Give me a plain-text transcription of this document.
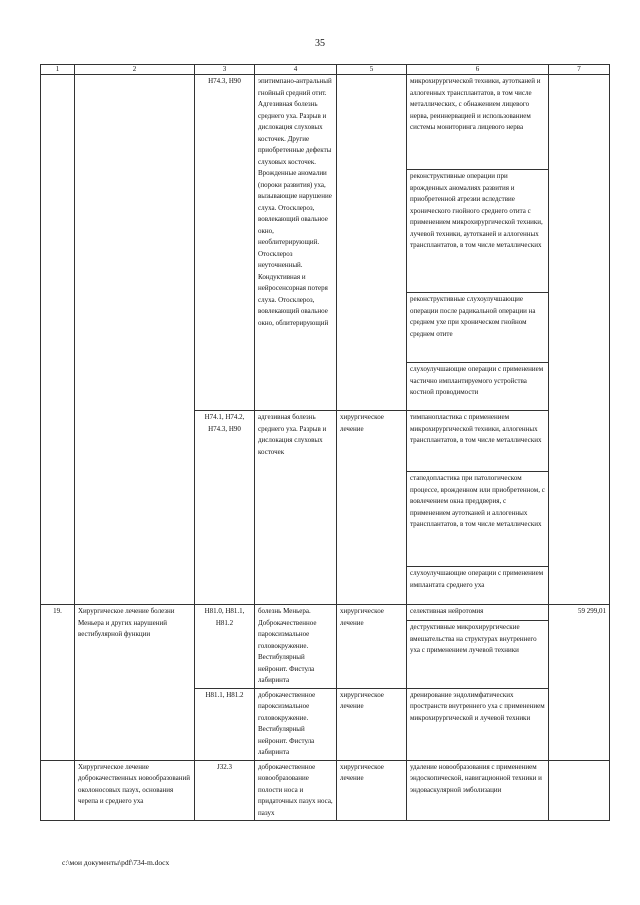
35
1	2	3	4	5	6	7
		H74.3, H90	эпитимпано-антральный гнойный средний отит. Адгезивная болезнь среднего уха. Разрыв и дислокация слуховых косточек. Другие приобретенные дефекты слуховых косточек. Врожденные аномалии (пороки развития) уха, вызывающие нарушение слуха. Отосклероз, вовлекающий овальное окно, необлитерирующий. Отосклероз неуточненный. Кондуктивная и нейросенсорная потеря слуха. Отосклероз, вовлекающий овальное окно, облитерирующий		микрохирургической техники, аутотканей и аллогенных трансплантатов, в том числе металлических, с обнажением лицевого нерва, реиннервацией и использованием системы мониторинга лицевого нерва	
					реконструктивные операции при врожденных аномалиях развития и приобретенной атрезии вследствие хронического гнойного среднего отита с применением микрохирургической техники, лучевой техники, аутотканей и аллогенных трансплантатов, в том числе металлических	
					реконструктивные слухоулучшающие операции после радикальной операции на среднем ухе при хроническом гнойном среднем отите	
					слухоулучшающие операции с применением частично имплантируемого устройства костной проводимости	
		H74.1, H74.2, H74.3, H90	адгезивная болезнь среднего уха. Разрыв и дислокация слуховых косточек	хирургическое лечение	тимпанопластика с применением микрохирургической техники, аллогенных трансплантатов, в том числе металлических	
					стапедопластика при патологическом процессе, врожденном или приобретенном, с вовлечением окна преддверия, с применением аутотканей и аллогенных трансплантатов, в том числе металлических	
					слухоулучшающие операции с применением имплантата среднего уха	
19.	Хирургическое лечение болезни Меньера и других нарушений вестибулярной функции	H81.0, H81.1, H81.2	болезнь Меньера. Доброкачественное пароксизмальное головокружение. Вестибулярный нейронит. Фистула лабиринта	хирургическое лечение	селективная нейротомия	59 299,01
					деструктивные микрохирургические вмешательства на структурах внутреннего уха с применением лучевой техники	
		H81.1, H81.2	доброкачественное пароксизмальное головокружение. Вестибулярный нейронит. Фистула лабиринта	хирургическое лечение	дренирование эндолимфатических пространств внутреннего уха с применением микрохирургической и лучевой техники	
	Хирургическое лечение доброкачественных новообразований околоносовых пазух, основания черепа и среднего уха	J32.3	доброкачественное новообразование полости носа и придаточных пазух носа, пазух	хирургическое лечение	удаление новообразования с применением эндоскопической, навигационной техники и эндоваскулярной эмболизации	
c:\мои документы\pdf\734-m.docx
